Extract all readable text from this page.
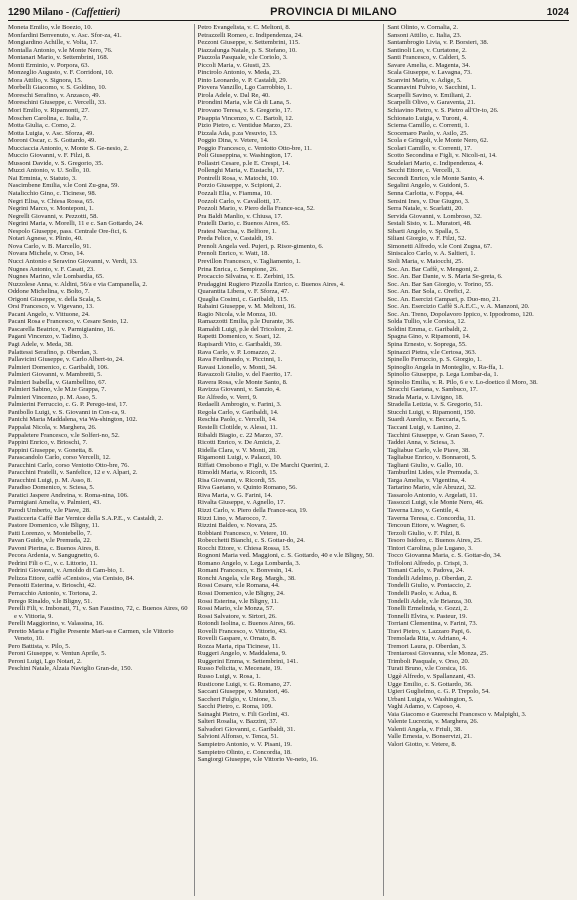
1290 Milano - (Caffettieri)	PROVINCIA DI MILANO	1024
Moneta Emilio, v.le Boezio, 10.
Monfardini Benvenuto, v. Asc. Sfor-za, 41.
Mongiardino Achille, v. Volta, 17.
Montalla Antonio, v.le Monte Nero, 76.
Montanari Mario, v. Settembrini, 168.
Monti Erminio, v. Porpora, 63.
Monzeglio Augusto, v. F. Corridoni, 10.
Mora Attilio, v. Signora, 15.
Morbelli Giacomo, v. S. Goldino, 10.
Moreschi Serafino, v. Anzasco, 49.
Moreschini Giuseppe, c. Vercelli, 33.
Mori Emilio, v. Ripamonti, 27.
Moschen Carolina, c. Italia, 7.
Motta Giulia, c. Como, 2.
Motta Luigia, v. Asc. Sforza, 49.
Moroni Oscar, c. S. Gottardo, 49.
Mucciaccia Antonio, v. Monte S. Ge-nesio, 2.
Muccio Giovanni, v. F. Filzi, 8.
Mussoni Davide, v. S. Gregorio, 35.
Muzzi Antonio, v. U. Sollo, 10.
Nai Erminia, v. Statuto, 3.
Nascimbene Emilia, v.le Coni Zu-gna, 59.
Natalicchio Gino, c. Ticinese, 98.
Negri Elisa, v. Chiesa Rossa, 65.
Negrini Marco, v. Monteponi, 1.
Negrelli Giovanni, v. Pezzotti, 58.
Negrini Maria, v. Morelli, 11 e c. San Gottardo, 24.
Nespolo Giuseppe, pass. Centrale Ore-fici, 6.
Notari Agnese, v. Plinio, 40.
Nova Carlo, v. B. Marcello, 91.
Novara Michele, v. Orso, 14.
Nucci Antonio e Seravino Giovanni, v. Verdi, 13.
Nugnes Antonio, v. F. Casati, 23.
Nugnes Marino, v.le Lombardia, 65.
Nuzzolese Anna, v. Aldini, 56/a e via Campanella, 2.
Oddone Michelina, v. Bolto, 7.
Origoni Giuseppe, v. della Scala, 5.
Orsi Francesco, v. Vigevano, 13.
Pacani Angelo, v. Vittuone, 24.
Pacani Rosa e Francesco, v. Cesare Sesto, 12.
Pascarella Beatrice, v. Parmigianino, 16.
Pagani Vincenzo, v. Tadino, 3.
Pagi Adele, v. Meda, 38.
Palattessi Serafino, p. Oberdan, 3.
Pallavicini Giuseppe, v. Carlo Albert-to, 24.
Palmieri Domenico, c. Garibaldi, 106.
Palmieri Giovanni, v. Mambretti, 5.
Palmieri Isabella, v. Giambellino, 67.
Palmieri Sabino, v.le M.te Grappa, 7.
Palmieri Vincenzo, p. M. Asso, 5.
Palmierini Ferruccio, c. G. P. Perego-tesi, 17.
Panibollo Luigi, v. S. Giovanni in Con-ca, 9.
Panichi Maria Maddalena, via Wa-shington, 102.
Pappalai Nicola, v. Marghera, 26.
Pappaletere Francesco, v.le Solferi-no, 52.
Pappini Enrico, v. Brioschi, 7.
Pappini Giuseppe, v. Gonetta, 8.
Parascandolo Carlo, corso Vercelli, 12.
Paracchini Carlo, corso Ventotto Otto-bre, 76.
Paracchini Fratelli, v. Sanfelice, 12 e v. Alpari, 2.
Paracchini Luigi, p. M. Asso, 8.
Paradiso Domenico, v. Sciesa, 5.
Paratici Jaspere Andreina, v. Roma-nina, 106.
Parmigiani Amelia, v. Palmieri, 43.
Parodi Umberto, v.le Piave, 28.
Pasticceria Caffè Bar Vernice della S.A.P.E., v. Castaldi, 2.
Pastore Domenico, v.le Bligny, 11.
Patti Lorenzo, v. Montebello, 7.
Pavan Guido, v.le Premuda, 22.
Pavoni Pierina, c. Buenos Aires, 8.
Pecora Ardenia, v. Sangugnetto, 6.
Pedrini Fili o C., v. c. Littorio, 11.
Pedrini Giovanni, v. Arnoldo di Cam-bio, 1.
Pelizza Ettore, caffè «Cenisio», via Cenisio, 84.
Pensotti Esterina, v. Brioschi, 42.
Perracchio Antonio, v. Tortona, 2.
Perego Rinaldo, v.le Bligny, 51.
Perelli Fili, v. Imbonati, 71, v. San Faustino, 72, c. Buenos Aires, 60 e v. Vittoria, 9.
Perelli Maggiorino, v. Valassina, 16.
Peretto Maria e Figlie Presente Mari-sa e Carmen, v.le Vittorio Veneto, 10.
Pero Battista, v. Pilo, 5.
Peroni Giuseppe, v. Ventun Aprile, 5.
Peroni Luigi, Lgo Notari, 2.
Peschini Natale, Alzaia Naviglio Gran-de, 150.
Petro Evangelista, v. C. Meltoni, 8.
Petrazzelli Romeo, c. Indipendenza, 24.
Pezzoni Giuseppe, v. Settembrini, 115.
Piazzalunga Natale, p. S. Stefano, 10.
Piazzola Pasquale, v.le Coriolo, 3.
Piccoli Maria, v. Giusti, 23.
Pincirolo Antonio, v. Meda, 23.
Pinto Leonardo, v. P. Castaldi, 29.
Piovera Vanzillo, Lgo Carrobbio, 1.
Pirola Adele, v. Dal Re, 40.
Pirondini Maria, v.le Cà di Lana, 5.
Pirovano Teresa, v. S. Gregorio, 17.
Pisappia Vincenzo, v. C. Bartoli, 12.
Pizio Pietro, c. Ventidue Marzo, 23.
Pizzala Ada, p.za Vesuvio, 13.
Poggio Dina, v. Vetere, 14.
Poggio Francesco, c. Ventotto Otto-bre, 11.
Poli Giuseppina, v. Washington, 17.
Pollastri Cesare, p.le E. Crespi, 14.
Pollenghi Maria, v. Eustachi, 17.
Pontrelli Rosa, v. Matochi, 10.
Porzio Giuseppe, v. Scipioni, 2.
Pozzali Elia, v. Fiamma, 10.
Pozzoli Carlo, v. Cavallotti, 17.
Pozzoli Mario, v. Piero della France-sca, 52.
Pra Baldi Manlio, v. Chiusa, 17.
Pratelli Dario, c. Buenos Aires, 65.
Pratesi Narcisa, v. Belfiore, 1.
Preda Felice, v. Castaldi, 19.
Prenoli Angela ved. Pujeri, p. Risor-gimento, 6.
Prenoli Enrico, v. Watt, 18.
Previllon Francesco, v. Tagliamento, 1.
Prina Enrica, c. Sempione, 26.
Procaccio Silvaina, v. E. Zerbini, 15.
Prudaggini Rugiero Pizzolla Enrico, c. Buenos Aires, 4.
Quarantita Libera, v. F. Sforza, 47.
Quaglia Cosimi, c. Garibaldi, 115.
Rabaini Giuseppe, v. M. Meltoni, 16.
Ragio Nicola, v.le Monza, 10.
Ramazzotti Emilia, p.le Durante, 36.
Ramaldi Luigi, p.le del Tricolore, 2.
Rapetti Domenico, v. Soari, 12.
Rapisardi Vito, c. Garibaldi, 39.
Rava Carlo, v. P. Lomazzo, 2.
Rava Ferdinando, v. Piccinni, 1.
Ravasi Lionello, v. Monti, 34.
Ravazzoli Giulio, v. del Faerito, 17.
Ravera Rosa, v.le Monte Santo, 8.
Ravizza Giovanni, v. Sanzio, 4.
Re Alfredo, v. Verri, 9.
Redaelli Ambrogio, v. Farini, 3.
Regola Carlo, v. Garibaldi, 14.
Reschia Paolo, c. Vercelli, 14.
Restelli Clotilde, v. Alessi, 11.
Ribaldi Biagio, c. 22 Marzo, 37.
Ricotti Enrico, v. De Amicis, 2.
Ridella Clara, v. V. Monti, 28.
Rigamonti Luigi, v. Palazzi, 10.
Riffati Omobono e Figli, v. De Marchi Querini, 2.
Rimoldi Maria, v. Ricordi, 15.
Risa Giovanni, v. Ricordi, 55.
Riva Gaetano, v. Quinto Romano, 56.
Riva Maria, v. G. Farini, 14.
Rivalta Giuseppe, v. Agnello, 17.
Rizzi Carlo, v. Piero della France-sca, 19.
Rizzi Lino, v. Marocco, 7.
Rizzini Baldeo, v. Novara, 25.
Robbiani Francesco, v. Vetere, 10.
Robecchetti Bianchi, c. S. Gottar-do, 24.
Rocchi Ettore, v. Chiesa Rossa, 15.
Rognoni Maria ved. Maggioni, c. S. Gottardo, 40 e v.le Bligny, 50.
Romano Angelo, v. Lega Lombarda, 3.
Romani Francesco, v. Bonvesin, 14.
Ronchi Angela, v.le Reg. Margh., 38.
Rossi Cesare, v.le Romana, 44.
Rossi Domenico, v.le Bligny, 24.
Rossi Esterina, v.le Bligny, 11.
Rossi Mario, v.le Monza, 57.
Rossi Salvatore, v. Sirtori, 26.
Rotondi Isolina, c. Buenos Aires, 66.
Rovelli Francesco, v. Vittorio, 43.
Rovelli Gaspare, v. Ornato, 8.
Rozza Maria, ripa Ticinese, 11.
Ruggeri Angelo, v. Maddalena, 9.
Ruggerini Emma, v. Settembrini, 141.
Russo Felicita, v. Mecenate, 19.
Russo Luigi, v. Rosa, 1.
Rusticone Luigi, v. G. Romano, 27.
Saccani Giuseppe, v. Muratori, 46.
Saccheri Fulgio, v. Unione, 3.
Sacchi Pietro, c. Roma, 109.
Sainaghi Pietro, v. Fili Gorlini, 43.
Salteri Rosalia, v. Bazzini, 37.
Salvadori Giovanni, c. Garibaldi, 31.
Salvioni Alfonso, v. Tenca, 51.
Sampietro Antonio, v. V. Pisani, 19.
Sampietro Olinto, c. Concordia, 18.
Sangiorgi Giuseppe, v.le Vittorio Ve-neto, 16.
Sant Olinto, v. Cornalia, 2.
Sansoni Attilio, c. Italia, 23.
Santambrogio Livia, v. P. Borsieri, 38.
Santinoli Leo, v. Curtatone, 2.
Santi Francesco, v. Calderi, 5.
Savare Amelia, c. Magenta, 34.
Scala Giuseppe, v. Lavagna, 73.
Scanvini Mario, v. Adige, 5.
Scannavini Fulvio, v. Sacchini, 1.
Scarpelli Savino, v. Emiliani, 2.
Scarpelli Olivo, v. Garaventa, 21.
Schiavino Pietro, v. S. Pietro all'Or-to, 26.
Schionato Luigia, v. Turoni, 4.
Sciema Camillo, c. Correnti, 1.
Scocemaro Paolo, v. Asilo, 25.
Scola e Gringoli, v.le Monte Nero, 62.
Scolari Camillo, v. Correnti, 17.
Scotto Secondina e Figli, v. Nicoli-ni, 14.
Scudelari Mario, c. Indipendenza, 4.
Secchi Ettore, c. Vercelli, 3.
Secondi Enrico, v.le Monte Santo, 4.
Segalini Angelo, v. Guidoni, 5.
Senna Carlotta, v. Foppa, 44.
Sensini Ines, v. Due Giugno, 3.
Serra Natale, v. Scarlatti, 20.
Servida Giovanni, v. Lombroso, 32.
Sestali Sisto, v. L. Muratori, 48.
Sibarti Angelo, v. Spalla, 5.
Siliani Giorgio, v. F. Filzi, 52.
Simonetti Alfredo, v.le Coni Zugna, 67.
Siniscalco Carlo, v. A. Saltieri, 1.
Sioli Maria, v. Maiocchi, 25.
Soc. An. Bar Caffè, v. Mengoni, 2.
Soc. An. Bar Dante, v. S. Maria Se-greta, 6.
Soc. An. Bar San Giorgio, v. Torino, 55.
Soc. An. Bar Sola, c. Orefici, 2.
Soc. An. Esercizi Campari, p. Duo-mo, 21.
Soc. An. Esercizio Caffè S.A.E.C., v. A. Manzoni, 20.
Soc. An. Treno, Dopolavoro Ippico, v. Ippodromo, 120.
Solda Tullio, v.le Corsica, 12.
Soldini Emma, c. Garibaldi, 2.
Spagna Gino, v. Ripamonti, 14.
Spina Ernesto, v. Soprega, 55.
Spinazzi Pietra, v.le Certosa, 363.
Spinello Ferruccio, p. S. Giorgio, 1.
Spinoglio Angela in Monteglio, v. Ra-ffa, 1.
Spinolio Giuseppe, p. Lega Lombar-da, 1.
Spinolio Emilia, v. R. Pilo, 6 e v. Lo-doetico il Moro, 38.
Stracchi Gaetana, v. Sambuco, 17.
Strada Maria, v. Livigno, 18.
Stradella Letizia, v. S. Gregorio, 51.
Stucchi Luigi, v. Ripamonti, 150.
Suardi Aurelio, v. Beccaria, 5.
Taccani Luigi, v. Lanino, 2.
Tacchini Giuseppe, v. Gran Sasso, 7.
Taddei Anna, v. Sciesa, 3.
Tagliabue Carlo, v.le Piave, 38.
Tagliabue Enrico, v. Bonnaroti, 5.
Tagliani Giulio, v. Gallo, 10.
Tamburlini Lides, v.le Premuda, 3.
Targa Amelia, v. Vigentina, 4.
Tartarino Mario, v.le Abruzzi, 32.
Tassarolo Antonio, v. Argelati, 11.
Tassozzi Luigi, v.le Monte Nero, 46.
Taverna Lino, v. Gentile, 4.
Taverna Teresa, c. Concordia, 11.
Tencoun Ettore, v. Wagner, 6.
Terzoli Giulio, v. F. Filzi, 8.
Tesoro Isidoro, c. Buenos Aires, 25.
Tintori Carolina, p.le Lugano, 3.
Tocco Giovanna Maria, c. S. Gottar-do, 34.
Toffoloni Alfredo, p. Crispi, 3.
Tomani Carlo, v. Padova, 24.
Tondelli Adelmo, p. Oberdan, 2.
Tondelli Giulio, v. Pontaccio, 2.
Tondelli Paolo, v. Adua, 8.
Tondelli Adele, v.le Brianza, 30.
Tonelli Ermelinda, v. Gozzi, 2.
Tonnelli Elvira, v. Pasteur, 19.
Torriani Clementina, v. Farini, 73.
Travi Pietro, v. Lazzaro Papi, 6.
Tremolada Rita, v. Adriano, 4.
Tremori Laura, p. Oberdan, 3.
Trentarossi Giovanna, v.le Monza, 25.
Trimboli Pasquale, v. Orso, 20.
Turati Bruno, v.le Corsica, 16.
Uggè Alfredo, v. Spallanzani, 43.
Ugge Emilio, c. S. Gottardo, 36.
Ugieri Guglielmo, c. G. P. Trepolo, 54.
Urbani Luigia, v. Washington, 5.
Vaghi Adamo, v. Caposo, 4.
Vaia Giacomo e Guereschi Francesco v. Malpighi, 3.
Valente Lucrezia, v. Marghera, 26.
Valenti Angela, v. Friuli, 38.
Valle Ernesta, v. Bonservizi, 21.
Valori Giotto, v. Vetere, 8.
